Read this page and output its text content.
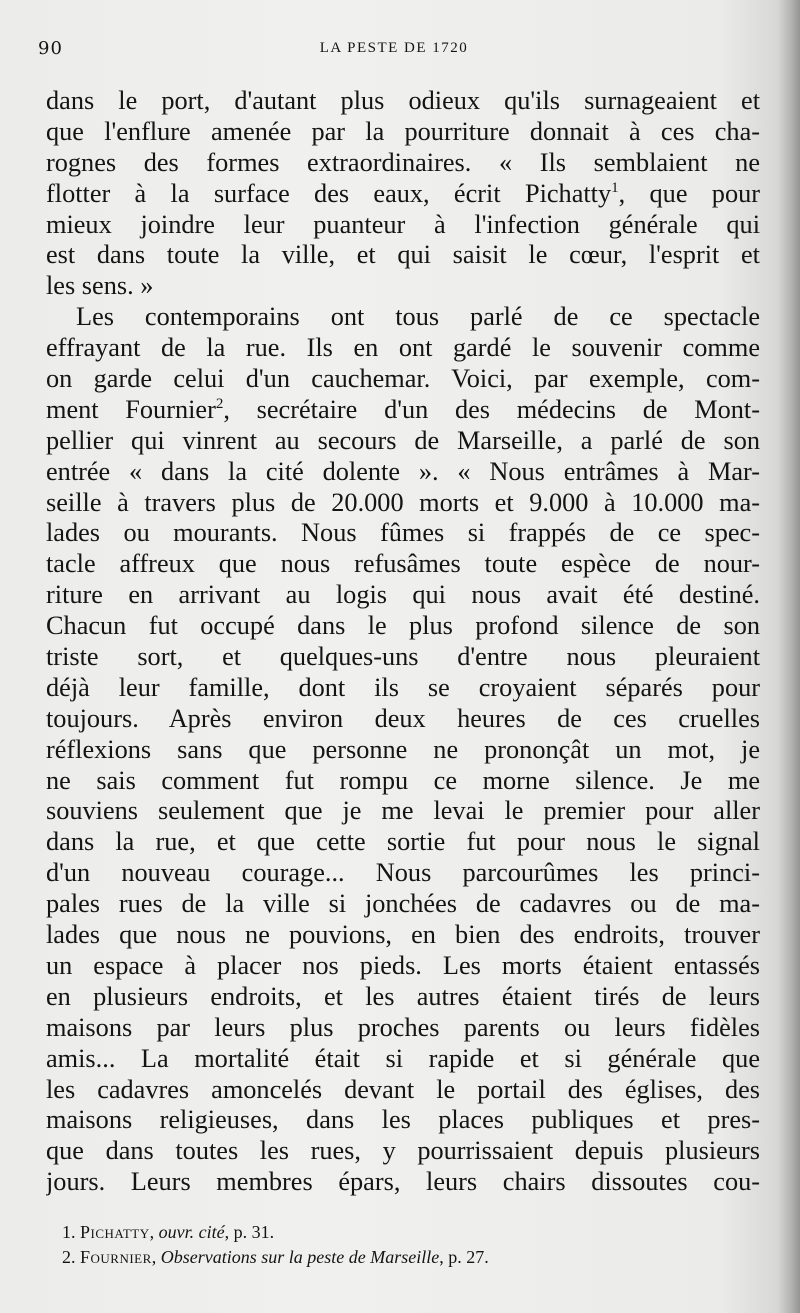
90	LA PESTE DE 1720
dans le port, d'autant plus odieux qu'ils surnageaient et
que l'enflure amenée par la pourriture donnait à ces cha-
rognes des formes extraordinaires. « Ils semblaient ne
flotter à la surface des eaux, écrit Pichatty$^1$, que pour
mieux joindre leur puanteur à l'infection générale qui
est dans toute la ville, et qui saisit le cœur, l'esprit et
les sens. »
Les contemporains ont tous parlé de ce spectacle
effrayant de la rue. Ils en ont gardé le souvenir comme
on garde celui d'un cauchemar. Voici, par exemple, com-
ment Fournier$^2$, secrétaire d'un des médecins de Mont-
pellier qui vinrent au secours de Marseille, a parlé de son
entrée « dans la cité dolente ». « Nous entrâmes à Mar-
seille à travers plus de 20.000 morts et 9.000 à 10.000 ma-
lades ou mourants. Nous fûmes si frappés de ce spec-
tacle affreux que nous refusâmes toute espèce de nour-
riture en arrivant au logis qui nous avait été destiné.
Chacun fut occupé dans le plus profond silence de son
triste sort, et quelques-uns d'entre nous pleuraient
déjà leur famille, dont ils se croyaient séparés pour
toujours. Après environ deux heures de ces cruelles
réflexions sans que personne ne prononçât un mot, je
ne sais comment fut rompu ce morne silence. Je me
souviens seulement que je me levai le premier pour aller
dans la rue, et que cette sortie fut pour nous le signal
d'un nouveau courage... Nous parcourûmes les princi-
pales rues de la ville si jonchées de cadavres ou de ma-
lades que nous ne pouvions, en bien des endroits, trouver
un espace à placer nos pieds. Les morts étaient entassés
en plusieurs endroits, et les autres étaient tirés de leurs
maisons par leurs plus proches parents ou leurs fidèles
amis... La mortalité était si rapide et si générale que
les cadavres amoncelés devant le portail des églises, des
maisons religieuses, dans les places publiques et pres-
que dans toutes les rues, y pourrissaient depuis plusieurs
jours. Leurs membres épars, leurs chairs dissoutes cou-
1. Pichatty, ouvr. cité, p. 31.
2. Fournier, Observations sur la peste de Marseille, p. 27.
